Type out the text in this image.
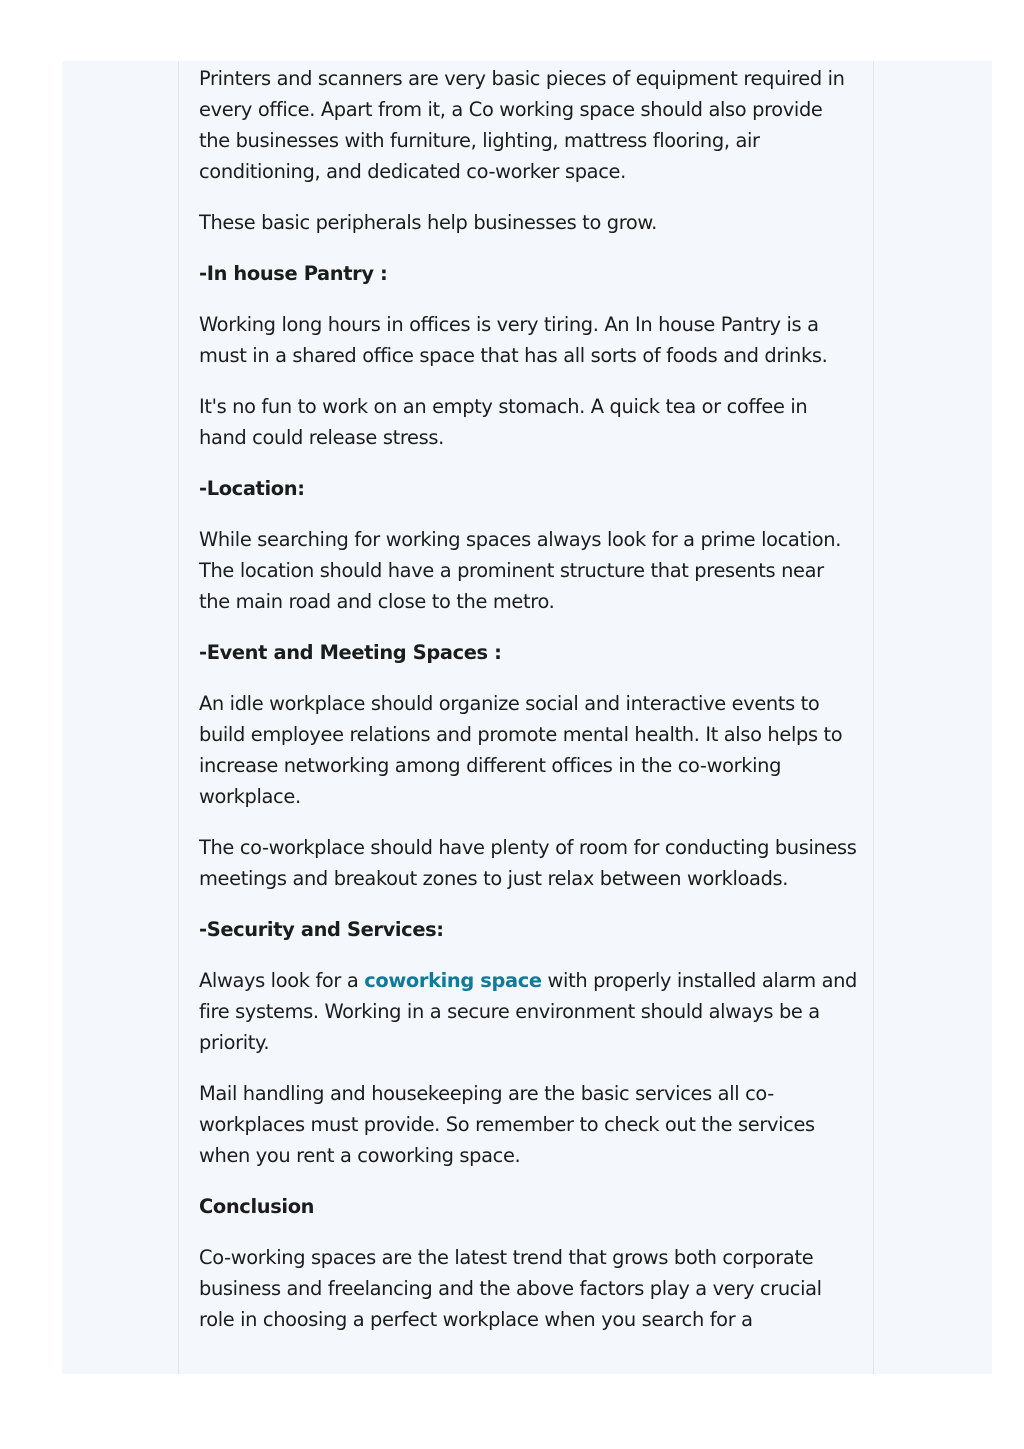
Printers and scanners are very basic pieces of equipment required in every office. Apart from it, a Co working space should also provide the businesses with furniture, lighting, mattress flooring, air conditioning, and dedicated co-worker space.

These basic peripherals help businesses to grow.

-In house Pantry :

Working long hours in offices is very tiring. An In house Pantry is a must in a shared office space that has all sorts of foods and drinks.

It's no fun to work on an empty stomach. A quick tea or coffee in hand could release stress.

-Location:

While searching for working spaces always look for a prime location. The location should have a prominent structure that presents near the main road and close to the metro.

-Event and Meeting Spaces :

An idle workplace should organize social and interactive events to build employee relations and promote mental health. It also helps to increase networking among different offices in the co-working workplace.

The co-workplace should have plenty of room for conducting business meetings and breakout zones to just relax between workloads.

-Security and Services:

Always look for a coworking space with properly installed alarm and fire systems. Working in a secure environment should always be a priority.

Mail handling and housekeeping are the basic services all co-workplaces must provide. So remember to check out the services when you rent a coworking space.

Conclusion

Co-working spaces are the latest trend that grows both corporate business and freelancing and the above factors play a very crucial role in choosing a perfect workplace when you search for a
